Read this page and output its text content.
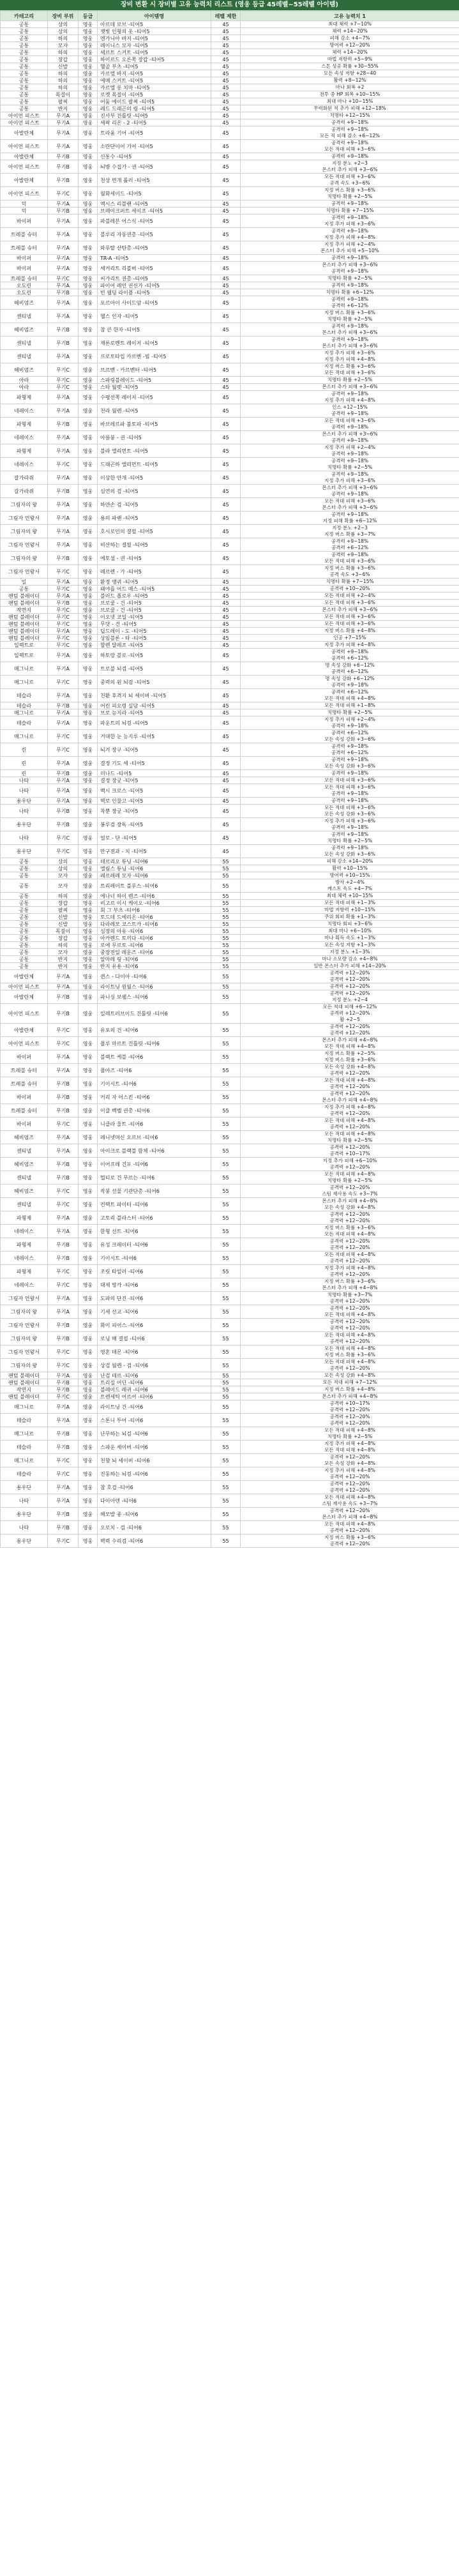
장비 변환 시 장비별 고유 능력치 리스트 (영웅 등급 45레벨~55레벨 아이템)
카테고리	장비 부위	등급	아이템명	레벨 제한	고유 능력치 1
공통	상의	영웅	아르데 로브 -티어5	45	최대 체력 +7~10%

공통	상의	영웅	잿빛 인형의 옷 -티어5	45	체력 +14~20%

공통	하의	영웅	엔가니아 바지 -티어5	45	피해 감소 +4~7%

공통	모자	영웅	레이니스 모자 -티어5	45	방어력 +12~20%

공통	하의	영웅	세르트 스커트 -티어5	45	체력 +14~20%

공통	장갑	영웅	하이르드 오른쪽 장갑 -티어5	45	마법 저항력 +5~9%

공통	신발	영웅	헬골 부츠 -티어5	45	스톤 성공 확률 +30~55%

공통	하의	영웅	카르엘 바지 -티어5	45	모든 속성 저항 +28~40

공통	하의	영웅	에메 스커트 -티어5	45	활력 +8~12%

공통	하의	영웅	카르엘 롱 치마 -티어5	45	마나 회복 +2

공통	목걸이	영웅	로켓 목걸이 -티어5	45	전투 중 HP 회복 +10~15%

공통	팔찌	영웅	어둠 에이드 팔찌 -티어5	45	최대 마나 +10~15%

공통	반지	영웅	레드 드래곤의 링 -티어5	45	무력화된 적 추가 피해 +12~18%

아이언 피스트	무기A	영웅	진사부 건틀릿 -티어5	45	치명타 +12~15%

아이언 피스트	무기A	영웅	세팍 리온 - 2 -티어5	45	공격력 +9~18%

아발란체	무기A	영웅	트라움 기어 -티어5	45	공격력 +9~18%
모든 적 피해 감소 +6~12%

아이언 피스트	무기A	영웅	소란단이어 기어 -티어5	45	공격력 +9~18%
모든 적대 피해 +3~6%

아발란체	무기B	영웅	신통수 -티어5	45	공격력 +9~18%

아이언 피스트	무기B	영웅	뇌방 수집가 - 권 -티어5	45	지정 분노 +2~3
몬스터 추가 피해 +3~6%

아발란체	무기B	영웅	천상 번개 롤러 -티어5	45	모든 적대 피해 +3~6%
공격 속도 +3~6%

아이언 피스트	무기C	영웅	월화세이드 -티어5	45	지정 버스 확률 +3~6%
치명타 확률 +2~5%

덕	무기A	영웅	엑시스 리블랜 -티어5	45	공격력 +9~18%

덕	무기B	영웅	브레이크퍼트 세이프 -티어5	45	치명타 확률 +7~15%

바이퍼	무기A	영웅	파블레븐 어스식 -티어5	45	공격력 +9~18%
지정 추가 피해 +3~6%

트레블 슈터	무기A	영웅	블루리 자동권총 -티어5	45	공격력 +9~18%
지정 추가 피해 +4~8%

트레블 슈터	무기A	영웅	와루탈 산탄총 -티어5	45	지정 추가 피해 +2~4%
몬스터 추가 피해 +5~10%

바이퍼	무기A	영웅	TR-A -티어5	45	공격력 +9~18%

바이퍼	무기A	영웅	세커리트 리볼버 -티어5	45	몬스터 추가 피해 +3~6%
공격력 +9~18%

트레블 슈터	무기C	영웅	씨가리트 권총 -티어5	45	치명타 확률 +2~5%

오도린	무기A	영웅	파이어 레인 권신가 -티어5	45	공격력 +9~18%

오도린	무기B	영웅	빈 웰딩 라이플 -티어5	45	치명타 확률 +6~12%

헤비엄즈	무기A	영웅	포르아이 사이드암 -티어5	45	공격력 +9~18%
공격력 +6~12%

센티넬	무기A	영웅	헬스 인자 -티어5	45	지정 버스 확률 +3~6%
치명타 확률 +2~5%

헤비엄즈	무기B	영웅	참 큰 한자 -티어5	45	공격력 +9~18%
몬스터 추가 피해 +3~6%

센티넬	무기B	영웅	제론로벤트 레이저 -티어5	45	공격력 +9~18%
몬스터 추가 피해 +3~6%

센티넬	무기A	영웅	프로토타입 카르벤 -빔 -티어5	45	지정 추가 피해 +3~6%
지정 추가 피해 +4~8%

헤비엄즈	무기C	영웅	브르벤 - 카르벤터 -티어5	45	지정 버스 확률 +3~6%
모든 적대 피해 +3~6%

아라	무기C	영웅	스파링블레이드 -티어5	45	치명타 확률 +2~5%

아라	무기C	영웅	스타 월렛 -티어5	45	몬스터 추가 피해 +3~6%

파형제	무기A	영웅	수평선쪽 레이저 -티어5	45	공격력 +9~18%
지정 추가 피해 +4~8%

네레이스	무기A	영웅	천라 월렌 -티어5	45	인스 +12~15%
공격력 +9~18%

파형제	무기B	영웅	바브레르파 불토파 -티어5	45	모든 적대 피해 +3~6%
공격력 +9~18%

네레이스	무기A	영웅	아름붕 - 권 -티어5	45	몬스터 추가 피해 +3~6%
공격력 +9~18%

파형제	무기A	영웅	블라 엘리먼트 -티어5	45	지정 추가 피해 +2~4%
공격력 +9~18%

네레이스	무기C	영웅	드래곤하 엘리먼트 -티어5	45	공격력 +9~18%
치명타 확률 +2~5%

갈가라쥐	무기A	영웅	이상한 안개 -티어5	45	공격력 +9~18%
지정 추가 피해 +3~6%

갈가라쥐	무기B	영웅	심연의 검 -티어5	45	몬스터 추가 피해 +3~6%
공격력 +9~18%

그림자의 왕	무기A	영웅	하얀손 검 -티어5	45	모든 적대 피해 +3~6%
몬스터 추가 피해 +3~6%

그림자 언왕서	무기A	영웅	용의 파랜 -티어5	45	공격력 +9~18%
지정 피해 확률 +6~12%

그림자의 왕	무기A	영웅	호시로인의 결필 -티어5	45	지정 분노 +2~3
지정 버스 확률 +3~7%

그림자 언왕서	무기A	영웅	비산하는 결필 -티어5	45	공격력 +9~18%
공격력 +6~12%

그림자의 왕	무기B	영웅	에토섬 - 권 -티어5	45	공격력 +9~18%
모든 적대 피해 +3~6%

그림자 언왕서	무기C	영웅	레르렌 - 가 -티어5	45	지정 버스 확률 +3~6%
공격 속도 +3~6%

일	무기A	영웅	환경 앵귀 -티어5	45	치명타 확률 +7~15%

공통	무기C	영웅	태야를 어드 매스 -티어5	45	공격력 +10~20%

팬텀 블레이더	무기A	영웅	블러드 플로우 -티어5	45	모든 적대 피해 +2~4%

팬텀 블레이더	무기B	영웅	브로쿨 - 건 -티어5	45	모든 적대 피해 +3~6%

작면지	무기C	영웅	브로쿨 - 건 -티어5	45	몬스터 추가 피해 +3~6%

팬텀 블레이더	무기C	영웅	이오넷 코일 -티어5	45	모든 적대 피해 +3~6%

팬텀 블레이더	무기C	영웅	무닷 - 건 -티어5	45	모든 적대 피해 +3~6%

팬텀 블레이더	무기A	영웅	딥드레이 - 도 -티어5	45	지정 버스 확률 +4~8%

팬텀 블레이더	무기C	영웅	상임블론 - 타 -티어5	45	인공 +7~15%

일렉트로	무기C	영웅	할렌 달레프 -티어5	45	지정 추가 피해 +4~8%

일렉트로	무기A	영웅	하토랑 블로 -티어5	45	공격력 +9~18%
공격력 +6~12%

매그니르	무기A	영웅	트로블 뇌검 -티어5	45	명 속성 강화 +6~12%
공격력 +6~12%

매그니르	무기C	영웅	중력의 원 뇌검 -티어5	45	명 속성 강화 +6~12%
공격력 +9~18%

테슬라	무기A	영웅	친환 후격지 뇌 세이버 -티어5	45	공격력 +6~12%
모든 적대 피해 +4~8%

테슬라	무기B	영웅	어린 피오령 실담 -티어5	45	모든 적대 피해 +1~8%

매그니르	무기A	영웅	브로 능지라 -티어5	45	치명타 확률 +2~5%

테슬라	무기A	영웅	파운트의 뇌검 -티어5	45	지정 추가 피해 +2~4%
공격력 +9~18%

매그니르	무기C	영웅	거대한 눈 능지루 -티어5	45	공격력 +6~12%
모든 속성 강화 +3~6%

린	무기C	영웅	뇌겨 장구 -티어5	45	공격력 +9~18%
공격력 +6~12%

린	무기A	영웅	결정 기도 세 -티어5	45	공격력 +9~18%
모든 속성 강화 +3~6%

린	무기B	영웅	미나드 -티어5	45	공격력 +9~18%

나타	무기A	영웅	결정 장궁 -티어5	45	모든 적대 피해 +3~6%

나타	무기A	영웅	백시 크로스 -티어5	45	모든 적대 피해 +3~6%
공격력 +9~18%

용우단	무기A	영웅	벽로 인물고 -티어5	45	공격력 +9~18%

나타	무기B	영웅	착뿐 장궁 -티어5	45	모든 적대 피해 +3~6%
모든 속성 강화 +3~6%

용우단	무기B	영웅	봉루검 장독 -티어5	45	지정 추가 피해 +3~6%
공격력 +9~18%

나타	무기C	영웅	얼로 - 단 -티어5	45	공격력 +9~18%
치명타 확률 +2~5%

용우단	무기C	영웅	만구전과 - 치 -티어5	45	공격력 +9~18%
모든 속성 강화 +3~6%

공통	상의	영웅	데르리오 튜닝 -티어6	55	피해 감소 +14~20%

공통	상의	영웅	엘림스 튜닝 -티어6	55	활력 +10~15%

공통	모자	영웅	레르레레 모자 -티어6	55	방어력 +10~15%

공통	모자	영웅	트리레이트 블루스 -티어6	55	방사 +2~4%
캐스트 속도 +4~7%

공통	하의	영웅	에나너 하이 렌즈 -티어6	55	최대 체력 +10~15%

공통	장갑	영웅	비고르 이시 케이오 -티어6	55	모든 적대 피해 +1~3%

공통	팔찌	영웅	회 그 부츠 -티어6	55	마법 저항력 +10~15%

공통	신발	영웅	토드데 드에리온 -티어6	55	주위 회피 확률 +1~3%

공통	신발	영웅	다라레모 코스트카 -티어6	55	치명타 회피 +3~6%

공통	목걸이	영웅	심장의 아유 -티어6	55	최대 마나 +6~10%

공통	장갑	영웅	아카렌드 토끼다 -티어6	55	마나 획득 속도 +1~3%

공통	하의	영웅	로에 무르토 -티어6	55	모든 속성 저항 +1~3%

공통	모자	영웅	중장전일 레운즈 -티어6	55	지정 분노 +1~3%

공통	반지	영웅	알마레 링 -티어6	55	마나 소모량 감소 +4~8%

공통	반지	영웅	반지 유용 -티어6	55	일반 몬스터 추가 피해 +14~20%

아발란체	무기A	영웅	퀸스 - 다이아 -티어6	55	공격력 +12~20%
공격력 +12~20%

아이언 피스트	무기A	영웅	라이트닝 원월스 -티어6	55	공격력 +12~20%

아발란체	무기B	영웅	파니싱 보웰스 -티어6	55	공격력 +12~20%
지정 분노 +2~4

아이언 피스트	무기B	영웅	일레트러브이드 건틀릿 -티어6	55	모든 적대 피해 +6~12%
공격력 +12~20%
활 +2~5

아발란체	무기C	영웅	유포의 건 -티어6	55	공격력 +12~20%
공격력 +12~20%

아이언 피스트	무기C	영웅	플루 마르트 건틀릿 -티어6	55	몬스터 추가 피해 +4~8%
모든 적대 피해 +4~8%

바이퍼	무기A	영웅	블랙트 케블 -티어6	55	지정 버스 확률 +2~5%
지정 버스 확률 +3~6%

트레블 슈터	무기A	영웅	플아즈 -티어6	55	모든 속성 강화 +4~8%
공격력 +12~20%

트레블 슈터	무기B	영웅	기이시트 -티어6	55	모든 적대 피해 +4~8%
공격력 +12~20%

바이퍼	무기B	영웅	커리 자 어스킨 -티어6	55	공격력 +12~20%
몬스터 추가 피해 +4~8%

트레블 슈터	무기B	영웅	이클 벡벨 권총 -티어6	55	지정 추가 피해 +4~8%
공격력 +12~20%

바이퍼	무기C	영웅	니클라 울트 -티어6	55	모든 적대 피해 +4~8%
공격력 +12~20%

헤비엄즈	무기A	영웅	레니넷머신 오르브 -티어6	55	모든 적대 피해 +4~8%
치명타 확률 +2~5%

센티넬	무기A	영웅	아이크로 블랙블 함체 -티어6	55	공격력 +12~20%
공격력 +10~17%

헤비엄즈	무기B	영웅	이어프레 건포 -티어6	55	지정 추가 피해 +6~10%
공격력 +12~20%

센티넬	무기B	영웅	멀티로 건 무르는 -티어6	55	모든 적대 피해 +4~8%
치명타 확률 +2~5%

헤비엄즈	무기C	영웅	작붕 선물 기관단총 -티어6	55	공격력 +12~20%
스팀 재사용 속도 +3~7%

센티넬	무기C	영웅	컨택트 파이터 -티어6	55	몬스터 추가 피해 +4~8%
모든 속성 강화 +4~8%

파형제	무기A	영웅	고토리 블라스터 -티어6	55	공격력 +12~20%
공격력 +12~20%

네레이스	무기A	영웅	한형 선트 -티어6	55	지정 버스 확률 +3~6%
모든 적대 피해 +4~8%

파형제	무기B	영웅	유성 크레이터 -티어6	55	공격력 +12~20%
공격력 +12~20%

네레이스	무기B	영웅	기이시트 -티어6	55	모든 적대 피해 +4~8%
공격력 +12~20%

파형제	무기C	영웅	조릿 타일러 -티어6	55	지정 추가 피해 +4~8%
공격력 +12~20%

네레이스	무기C	영웅	대제 망카 -티어6	55	지정 버스 확률 +3~6%
몬스터 추가 피해 +4~8%

그림자 언왕서	무기A	영웅	도파의 단진 -티어6	55	치명타 확률 +3~7%
공격력 +12~20%

그림자의 왕	무기A	영웅	기세 선교 -티어6	55	공격력 +12~20%
모든 적대 피해 +4~8%

그림자 언왕서	무기B	영웅	화이 피어스 -티어6	55	공격력 +12~20%
공격력 +12~20%

그림자의 왕	무기B	영웅	로닝 매 결필 -티어6	55	모든 적대 피해 +4~8%
공격력 +12~20%

그림자 언왕서	무기C	영웅	영혼 데몬 -티어6	55	모든 적대 피해 +4~8%
지정 버스 확률 +3~6%

그림자의 왕	무기C	영웅	상검 월렌 - 검 -티어6	55	모든 적대 피해 +4~8%
공격력 +12~20%

팬텀 블레이더	무기A	영웅	난검 테르 -티어6	55	모든 속성 강화 +4~8%

팬텀 블레이더	무기B	영웅	트리실 어딘 -티어6	55	모든 적대 피해 +7~12%

작면지	무기B	영웅	블레이드 레귀 -티어6	55	지정 버스 확률 +4~8%

팬텀 블레이더	무기C	영웅	트렌세틱 어르어 -티어6	55	몬스터 추가 피해 +4~8%

매그니르	무기A	영웅	라이트닝 건 -티어6	55	공격력 +10~17%
공격력 +12~20%

테슬라	무기A	영웅	스톤니 투어 -티어6	55	공격력 +12~20%
공격력 +12~20%

매그니르	무기B	영웅	난무하는 뇌검 -티어6	55	모든 적대 피해 +4~8%
치명타 확률 +2~5%

테슬라	무기B	영웅	스파운 세이버 -티어6	55	지정 추가 피해 +4~8%
모든 적대 피해 +4~8%

매그니르	무기C	영웅	천향 뇌 세이버 -티어6	55	공격력 +12~20%
모든 속성 강화 +4~8%

테슬라	무기C	영웅	진동하는 뇌검 -티어6	55	지정 추가 피해 +4~8%
공격력 +12~20%

용우단	무기A	영웅	참 호검 -티어6	55	공격력 +12~20%
공격력 +12~20%

나타	무기A	영웅	다이아덴 -티어6	55	모든 적대 피해 +4~8%
스팀 재사용 속도 +3~7%

용우단	무기B	영웅	해모발 종 -티어6	55	공격력 +12~20%
몬스터 추가 피해 +4~8%

나타	무기B	영웅	오로치 - 검 -티어6	55	모든 적대 피해 +4~8%
공격력 +12~20%

용우단	무기C	영웅	벽력 수리검 -티어6	55	지정 버스 확률 +3~6%
공격력 +12~20%
